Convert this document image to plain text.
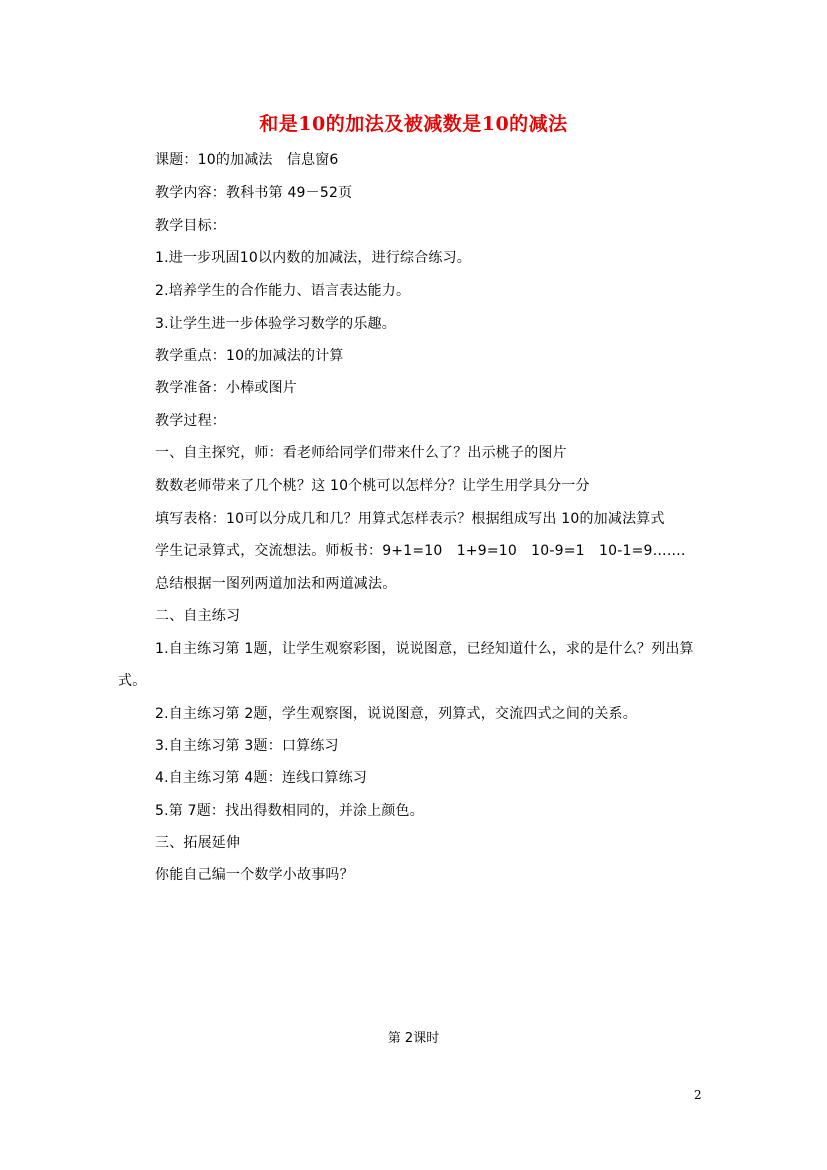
和是10的加法及被减数是10的减法
课题：10的加减法　信息窗6
教学内容：教科书第 49－52页
教学目标：
1.进一步巩固10以内数的加减法，进行综合练习。
2.培养学生的合作能力、语言表达能力。
3.让学生进一步体验学习数学的乐趣。
教学重点：10的加减法的计算
教学准备：小棒或图片
教学过程：
一、自主探究，师：看老师给同学们带来什么了？出示桃子的图片
数数老师带来了几个桃？这 10个桃可以怎样分？让学生用学具分一分
填写表格：10可以分成几和几？用算式怎样表示？根据组成写出 10的加减法算式
学生记录算式，交流想法。师板书：9+1=10　1+9=10　10-9=1　10-1=9……．
总结根据一图列两道加法和两道减法。
二、自主练习
1.自主练习第 1题，让学生观察彩图，说说图意，已经知道什么，求的是什么？列出算
式。
2.自主练习第 2题，学生观察图，说说图意，列算式，交流四式之间的关系。
3.自主练习第 3题：口算练习
4.自主练习第 4题：连线口算练习
5.第 7题：找出得数相同的，并涂上颜色。
三、拓展延伸
你能自己编一个数学小故事吗？
第 2课时
2
